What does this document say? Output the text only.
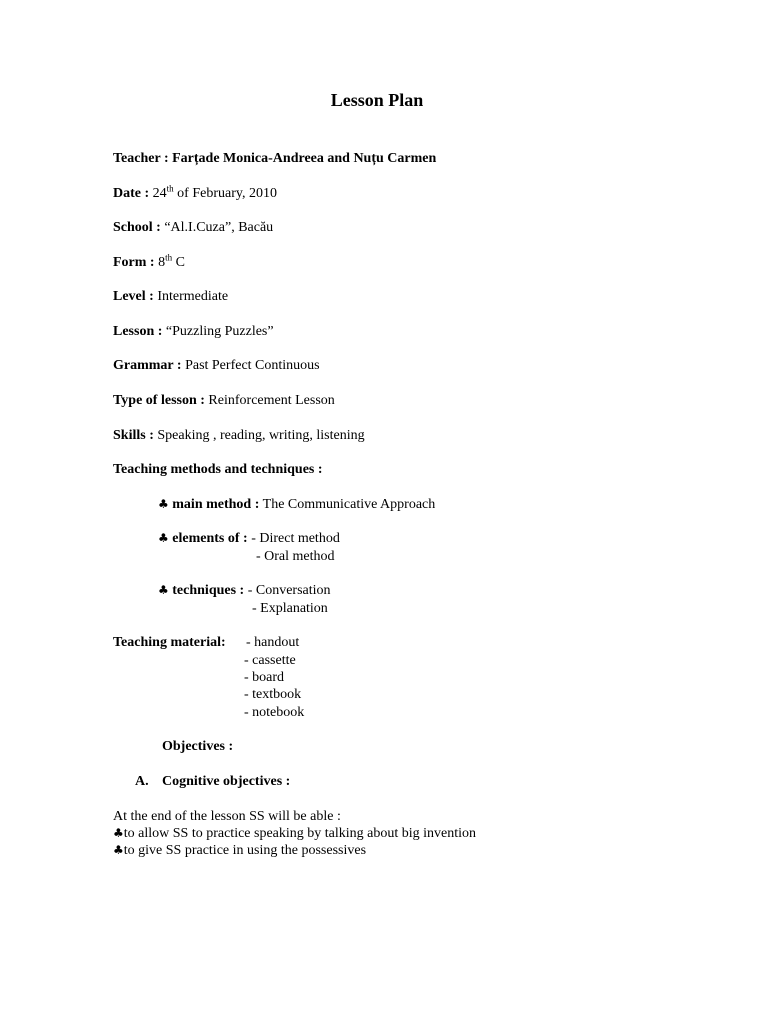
Lesson Plan
Teacher : Farțade Monica-Andreea and Nuțu Carmen
Date : 24th of February, 2010
School : “Al.I.Cuza”, Bacău
Form : 8th C
Level : Intermediate
Lesson : “Puzzling Puzzles”
Grammar : Past Perfect Continuous
Type of lesson : Reinforcement Lesson
Skills : Speaking , reading, writing, listening
Teaching methods and techniques :
♣ main method : The Communicative Approach
♣ elements of : - Direct method
- Oral method
♣ techniques : - Conversation
- Explanation
Teaching material: - handout
- cassette
- board
- textbook
- notebook
Objectives :
A. Cognitive objectives :
At the end of the lesson SS will be able :
♣to allow SS to practice speaking by talking about big invention
♣to give SS practice in using the possessives
